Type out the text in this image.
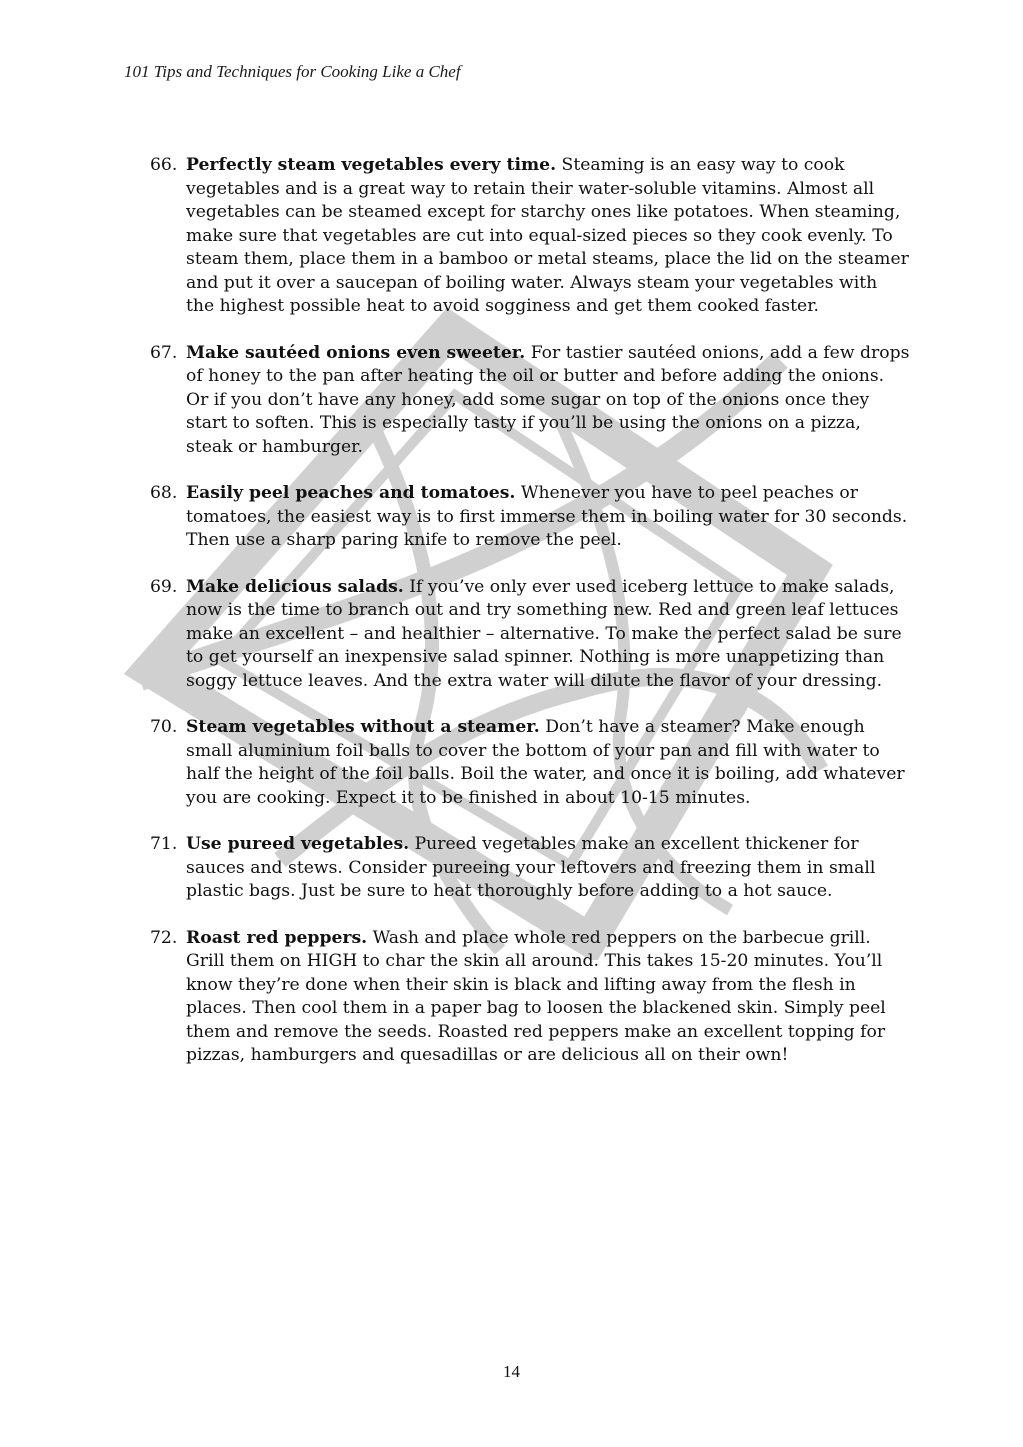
101 Tips and Techniques for Cooking Like a Chef
66. Perfectly steam vegetables every time. Steaming is an easy way to cook vegetables and is a great way to retain their water-soluble vitamins. Almost all vegetables can be steamed except for starchy ones like potatoes. When steaming, make sure that vegetables are cut into equal-sized pieces so they cook evenly. To steam them, place them in a bamboo or metal steams, place the lid on the steamer and put it over a saucepan of boiling water. Always steam your vegetables with the highest possible heat to avoid sogginess and get them cooked faster.
67. Make sautéed onions even sweeter. For tastier sautéed onions, add a few drops of honey to the pan after heating the oil or butter and before adding the onions. Or if you don’t have any honey, add some sugar on top of the onions once they start to soften. This is especially tasty if you’ll be using the onions on a pizza, steak or hamburger.
68. Easily peel peaches and tomatoes. Whenever you have to peel peaches or tomatoes, the easiest way is to first immerse them in boiling water for 30 seconds. Then use a sharp paring knife to remove the peel.
69. Make delicious salads. If you’ve only ever used iceberg lettuce to make salads, now is the time to branch out and try something new. Red and green leaf lettuces make an excellent – and healthier – alternative. To make the perfect salad be sure to get yourself an inexpensive salad spinner. Nothing is more unappetizing than soggy lettuce leaves. And the extra water will dilute the flavor of your dressing.
70. Steam vegetables without a steamer. Don’t have a steamer? Make enough small aluminium foil balls to cover the bottom of your pan and fill with water to half the height of the foil balls. Boil the water, and once it is boiling, add whatever you are cooking. Expect it to be finished in about 10-15 minutes.
71. Use pureed vegetables. Pureed vegetables make an excellent thickener for sauces and stews. Consider pureeing your leftovers and freezing them in small plastic bags. Just be sure to heat thoroughly before adding to a hot sauce.
72. Roast red peppers. Wash and place whole red peppers on the barbecue grill. Grill them on HIGH to char the skin all around. This takes 15-20 minutes. You’ll know they’re done when their skin is black and lifting away from the flesh in places. Then cool them in a paper bag to loosen the blackened skin. Simply peel them and remove the seeds. Roasted red peppers make an excellent topping for pizzas, hamburgers and quesadillas or are delicious all on their own!
14
